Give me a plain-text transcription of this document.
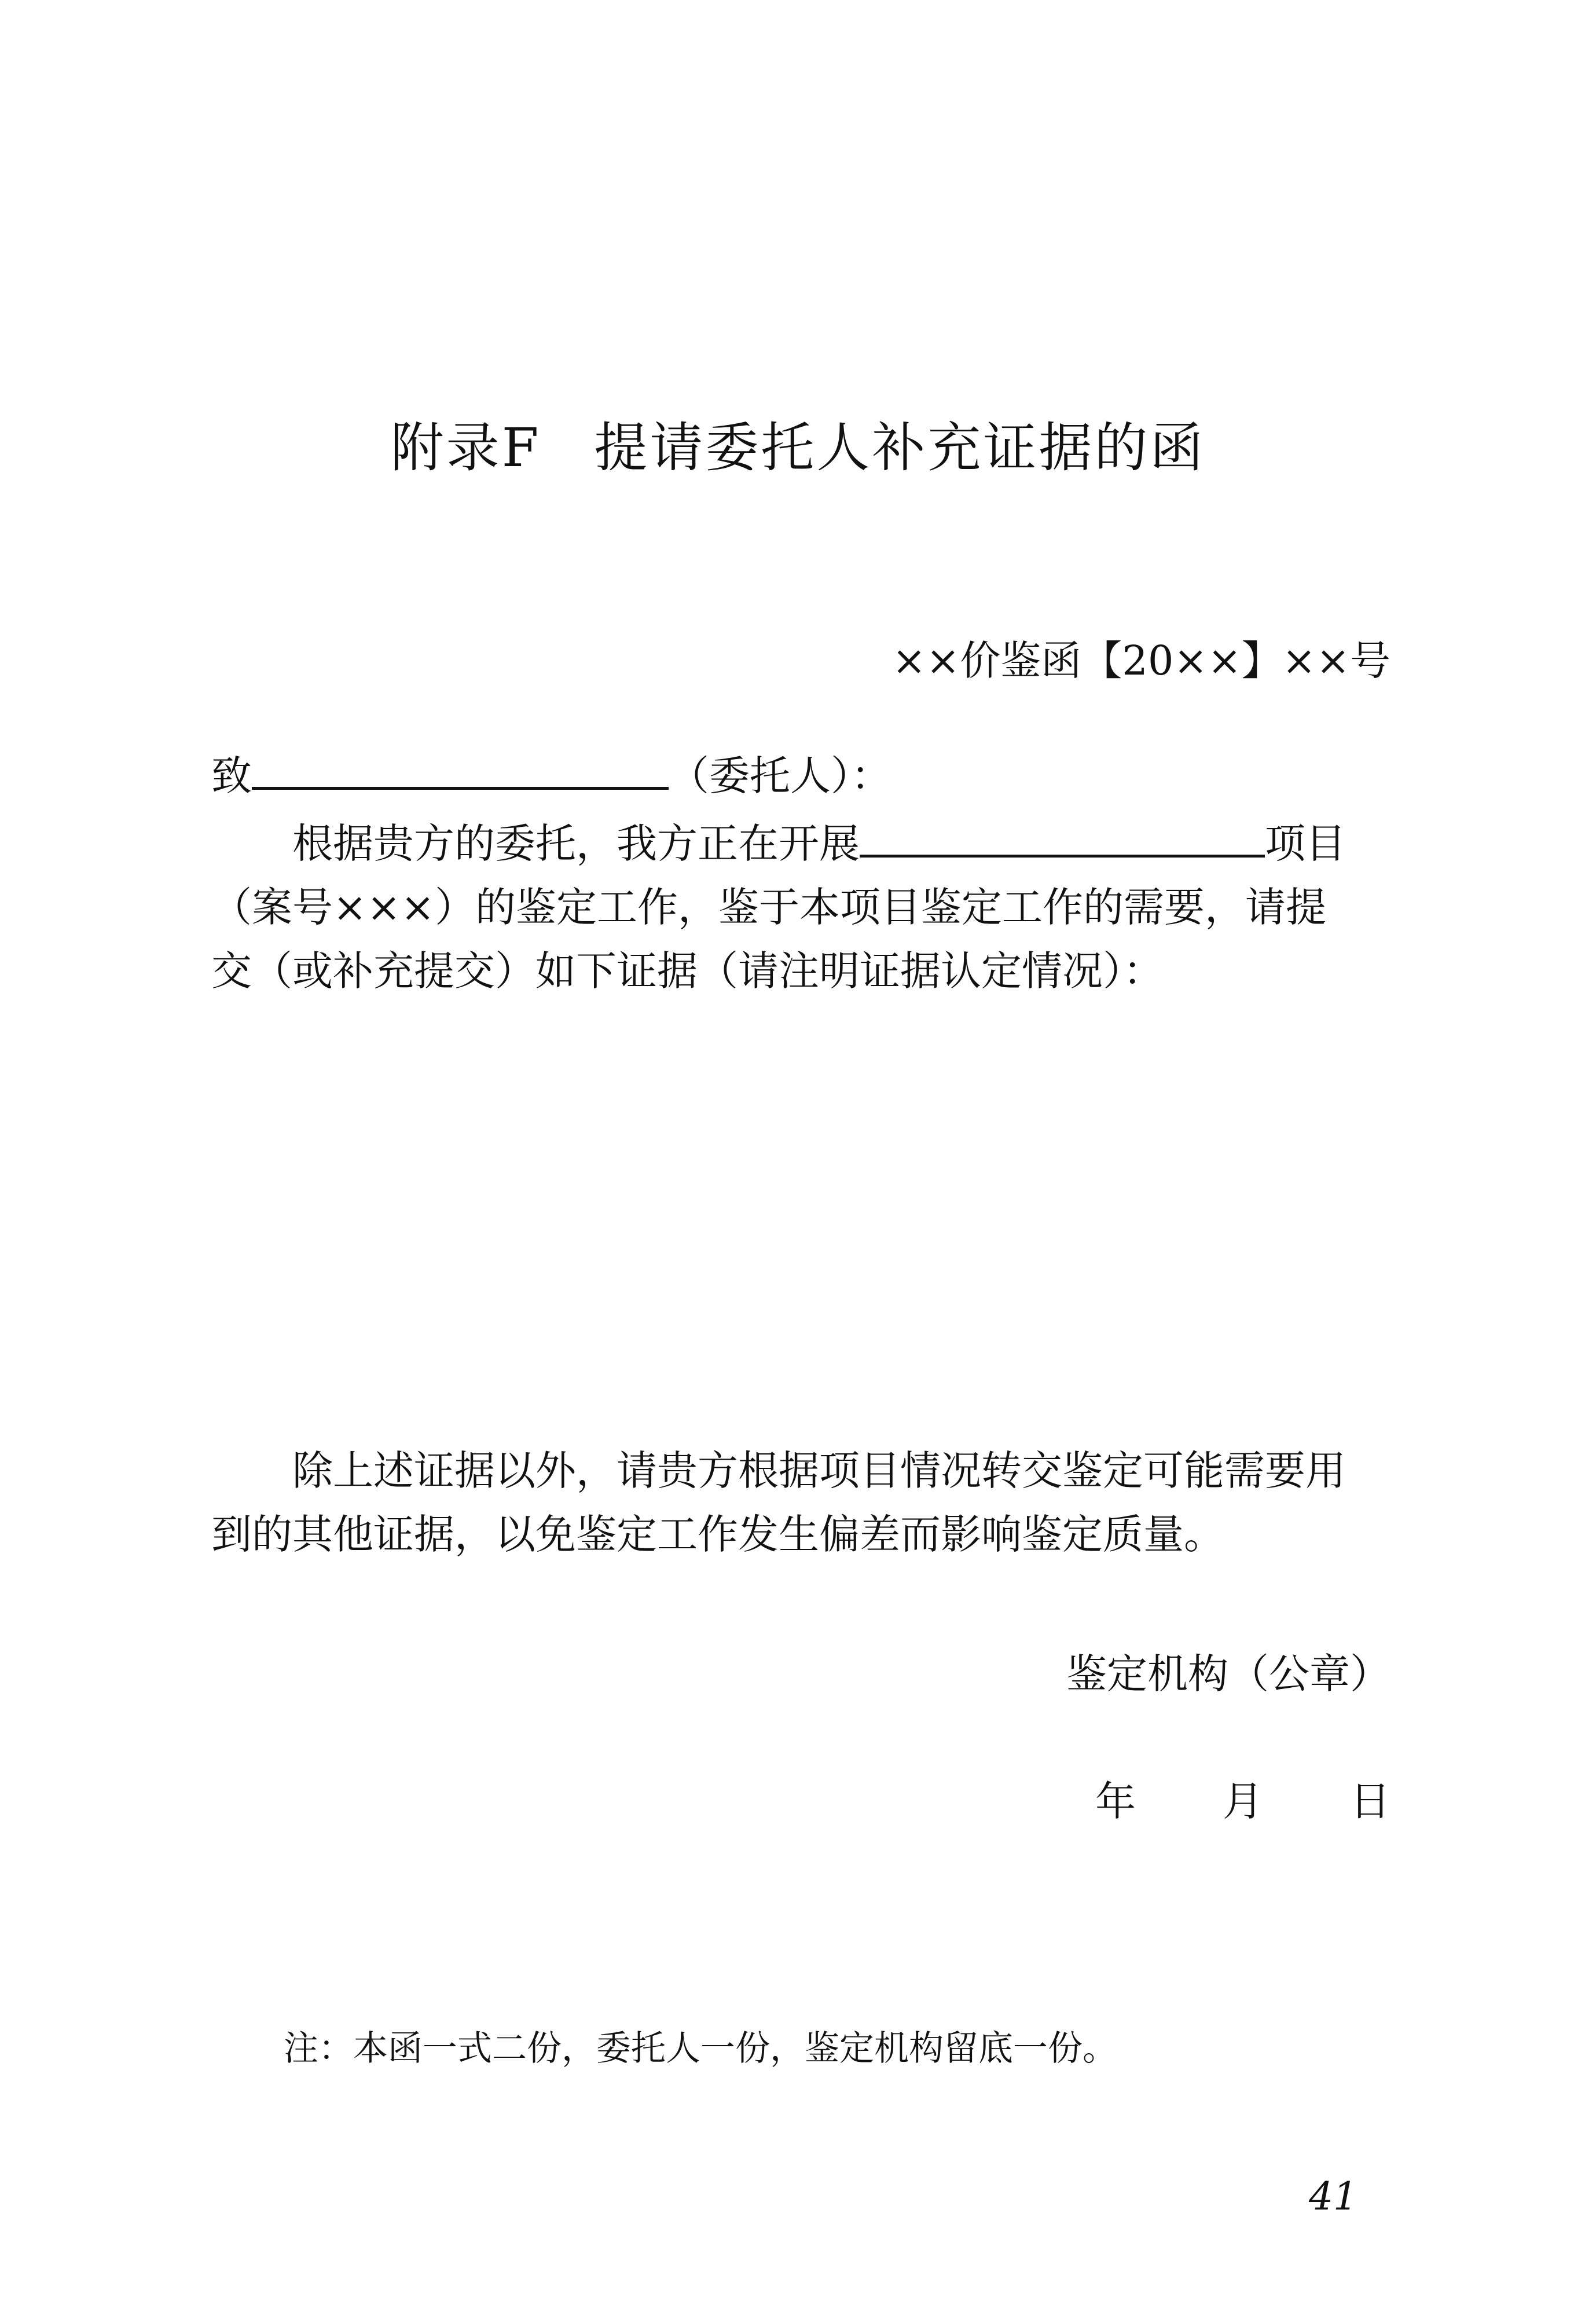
附录F 提请委托人补充证据的函
××价鉴函【20××】××号
致	（委托人）：
根据贵方的委托，我方正在开展	项目
（案号×××）的鉴定工作，鉴于本项目鉴定工作的需要，请提
交（或补充提交）如下证据（请注明证据认定情况）：
除上述证据以外，请贵方根据项目情况转交鉴定可能需要用
到的其他证据，以免鉴定工作发生偏差而影响鉴定质量。
鉴定机构（公章）
年 月 日
注：本函一式二份，委托人一份，鉴定机构留底一份。
41
